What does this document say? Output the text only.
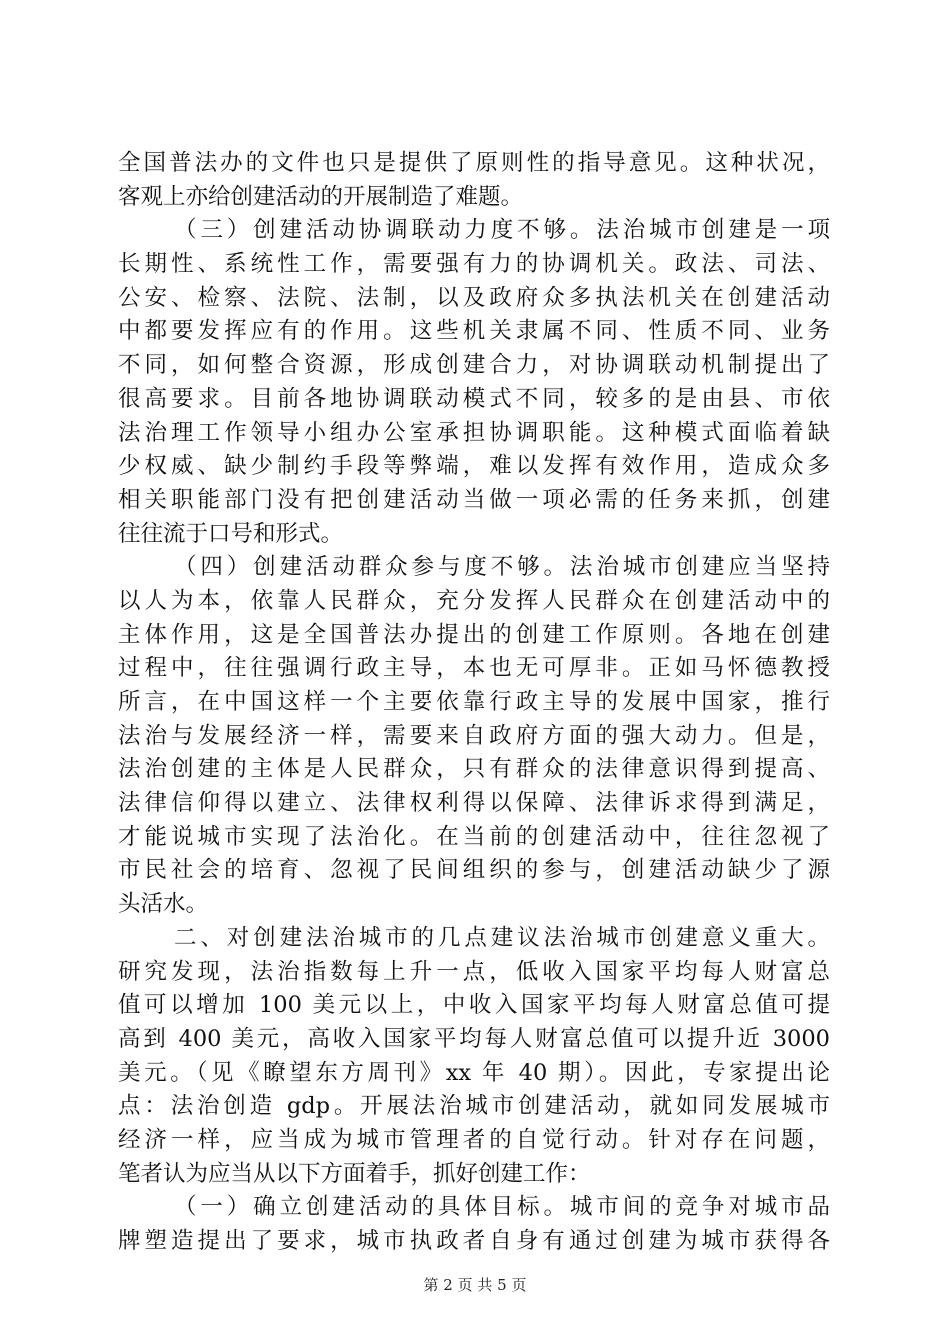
全国普法办的文件也只是提供了原则性的指导意见。这种状况，
客观上亦给创建活动的开展制造了难题。
（三）创建活动协调联动力度不够。法治城市创建是一项
长期性、系统性工作，需要强有力的协调机关。政法、司法、
公安、检察、法院、法制，以及政府众多执法机关在创建活动
中都要发挥应有的作用。这些机关隶属不同、性质不同、业务
不同，如何整合资源，形成创建合力，对协调联动机制提出了
很高要求。目前各地协调联动模式不同，较多的是由县、市依
法治理工作领导小组办公室承担协调职能。这种模式面临着缺
少权威、缺少制约手段等弊端，难以发挥有效作用，造成众多
相关职能部门没有把创建活动当做一项必需的任务来抓，创建
往往流于口号和形式。
（四）创建活动群众参与度不够。法治城市创建应当坚持
以人为本，依靠人民群众，充分发挥人民群众在创建活动中的
主体作用，这是全国普法办提出的创建工作原则。各地在创建
过程中，往往强调行政主导，本也无可厚非。正如马怀德教授
所言，在中国这样一个主要依靠行政主导的发展中国家，推行
法治与发展经济一样，需要来自政府方面的强大动力。但是，
法治创建的主体是人民群众，只有群众的法律意识得到提高、
法律信仰得以建立、法律权利得以保障、法律诉求得到满足，
才能说城市实现了法治化。在当前的创建活动中，往往忽视了
市民社会的培育、忽视了民间组织的参与，创建活动缺少了源
头活水。
二、对创建法治城市的几点建议法治城市创建意义重大。
研究发现，法治指数每上升一点，低收入国家平均每人财富总
值可以增加 100 美元以上，中收入国家平均每人财富总值可提
高到 400 美元，高收入国家平均每人财富总值可以提升近 3000
美元。（见《瞭望东方周刊》xx 年 40 期）。因此，专家提出论
点：法治创造 gdp。开展法治城市创建活动，就如同发展城市
经济一样，应当成为城市管理者的自觉行动。针对存在问题，
笔者认为应当从以下方面着手，抓好创建工作：
（一）确立创建活动的具体目标。城市间的竞争对城市品
牌塑造提出了要求，城市执政者自身有通过创建为城市获得各
第 2 页 共 5 页
